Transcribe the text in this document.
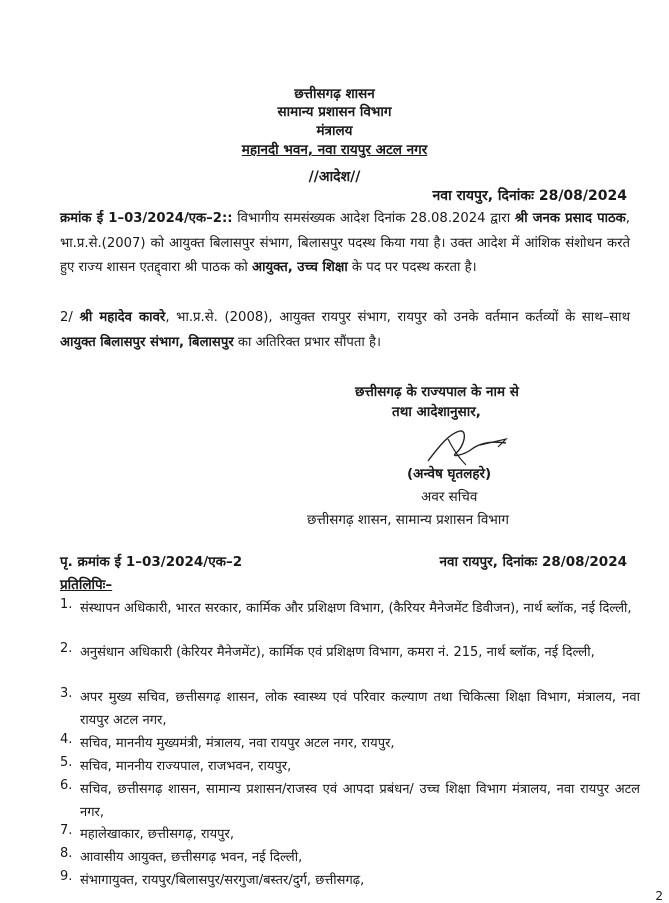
छत्तीसगढ़ शासन
सामान्य प्रशासन विभाग
मंत्रालय
महानदी भवन, नवा रायपुर अटल नगर
//आदेश//
नवा रायपुर, दिनांकः 28/08/2024
क्रमांक ई 1–03/2024/एक–2:: विभागीय समसंख्यक आदेश दिनांक 28.08.2024 द्वारा श्री जनक प्रसाद पाठक, भा.प्र.से.(2007) को आयुक्त बिलासपुर संभाग, बिलासपुर पदस्थ किया गया है। उक्त आदेश में आंशिक संशोधन करते हुए राज्य शासन एतद्द्वारा श्री पाठक को आयुक्त, उच्च शिक्षा के पद पर पदस्थ करता है।
2/ श्री महादेव कावरे, भा.प्र.से. (2008), आयुक्त रायपुर संभाग, रायपुर को उनके वर्तमान कर्तव्यों के साथ–साथ आयुक्त बिलासपुर संभाग, बिलासपुर का अतिरिक्त प्रभार सौंपता है।
छत्तीसगढ़ के राज्यपाल के नाम से
तथा आदेशानुसार,
(अन्वेष घृतलहरे)
अवर सचिव
छत्तीसगढ़ शासन, सामान्य प्रशासन विभाग
पृ. क्रमांक ई 1–03/2024/एक–2	नवा रायपुर, दिनांकः 28/08/2024
प्रतिलिपिः–
1. संस्थापन अधिकारी, भारत सरकार, कार्मिक और प्रशिक्षण विभाग, (कैरियर मैनेजमेंट डिवीजन), नार्थ ब्लॉक, नई दिल्ली,
2. अनुसंधान अधिकारी (केरियर मैनेजमेंट), कार्मिक एवं प्रशिक्षण विभाग, कमरा नं. 215, नार्थ ब्लॉक, नई दिल्ली,
3. अपर मुख्य सचिव, छत्तीसगढ़ शासन, लोक स्वास्थ्य एवं परिवार कल्याण तथा चिकित्सा शिक्षा विभाग, मंत्रालय, नवा रायपुर अटल नगर,
4. सचिव, माननीय मुख्यमंत्री, मंत्रालय, नवा रायपुर अटल नगर, रायपुर,
5. सचिव, माननीय राज्यपाल, राजभवन, रायपुर,
6. सचिव, छत्तीसगढ़ शासन, सामान्य प्रशासन/राजस्व एवं आपदा प्रबंधन/ उच्च शिक्षा विभाग मंत्रालय, नवा रायपुर अटल नगर,
7. महालेखाकार, छत्तीसगढ़, रायपुर,
8. आवासीय आयुक्त, छत्तीसगढ़ भवन, नई दिल्ली,
9. संभागायुक्त, रायपुर/बिलासपुर/सरगुजा/बस्तर/दुर्ग, छत्तीसगढ़,
2
